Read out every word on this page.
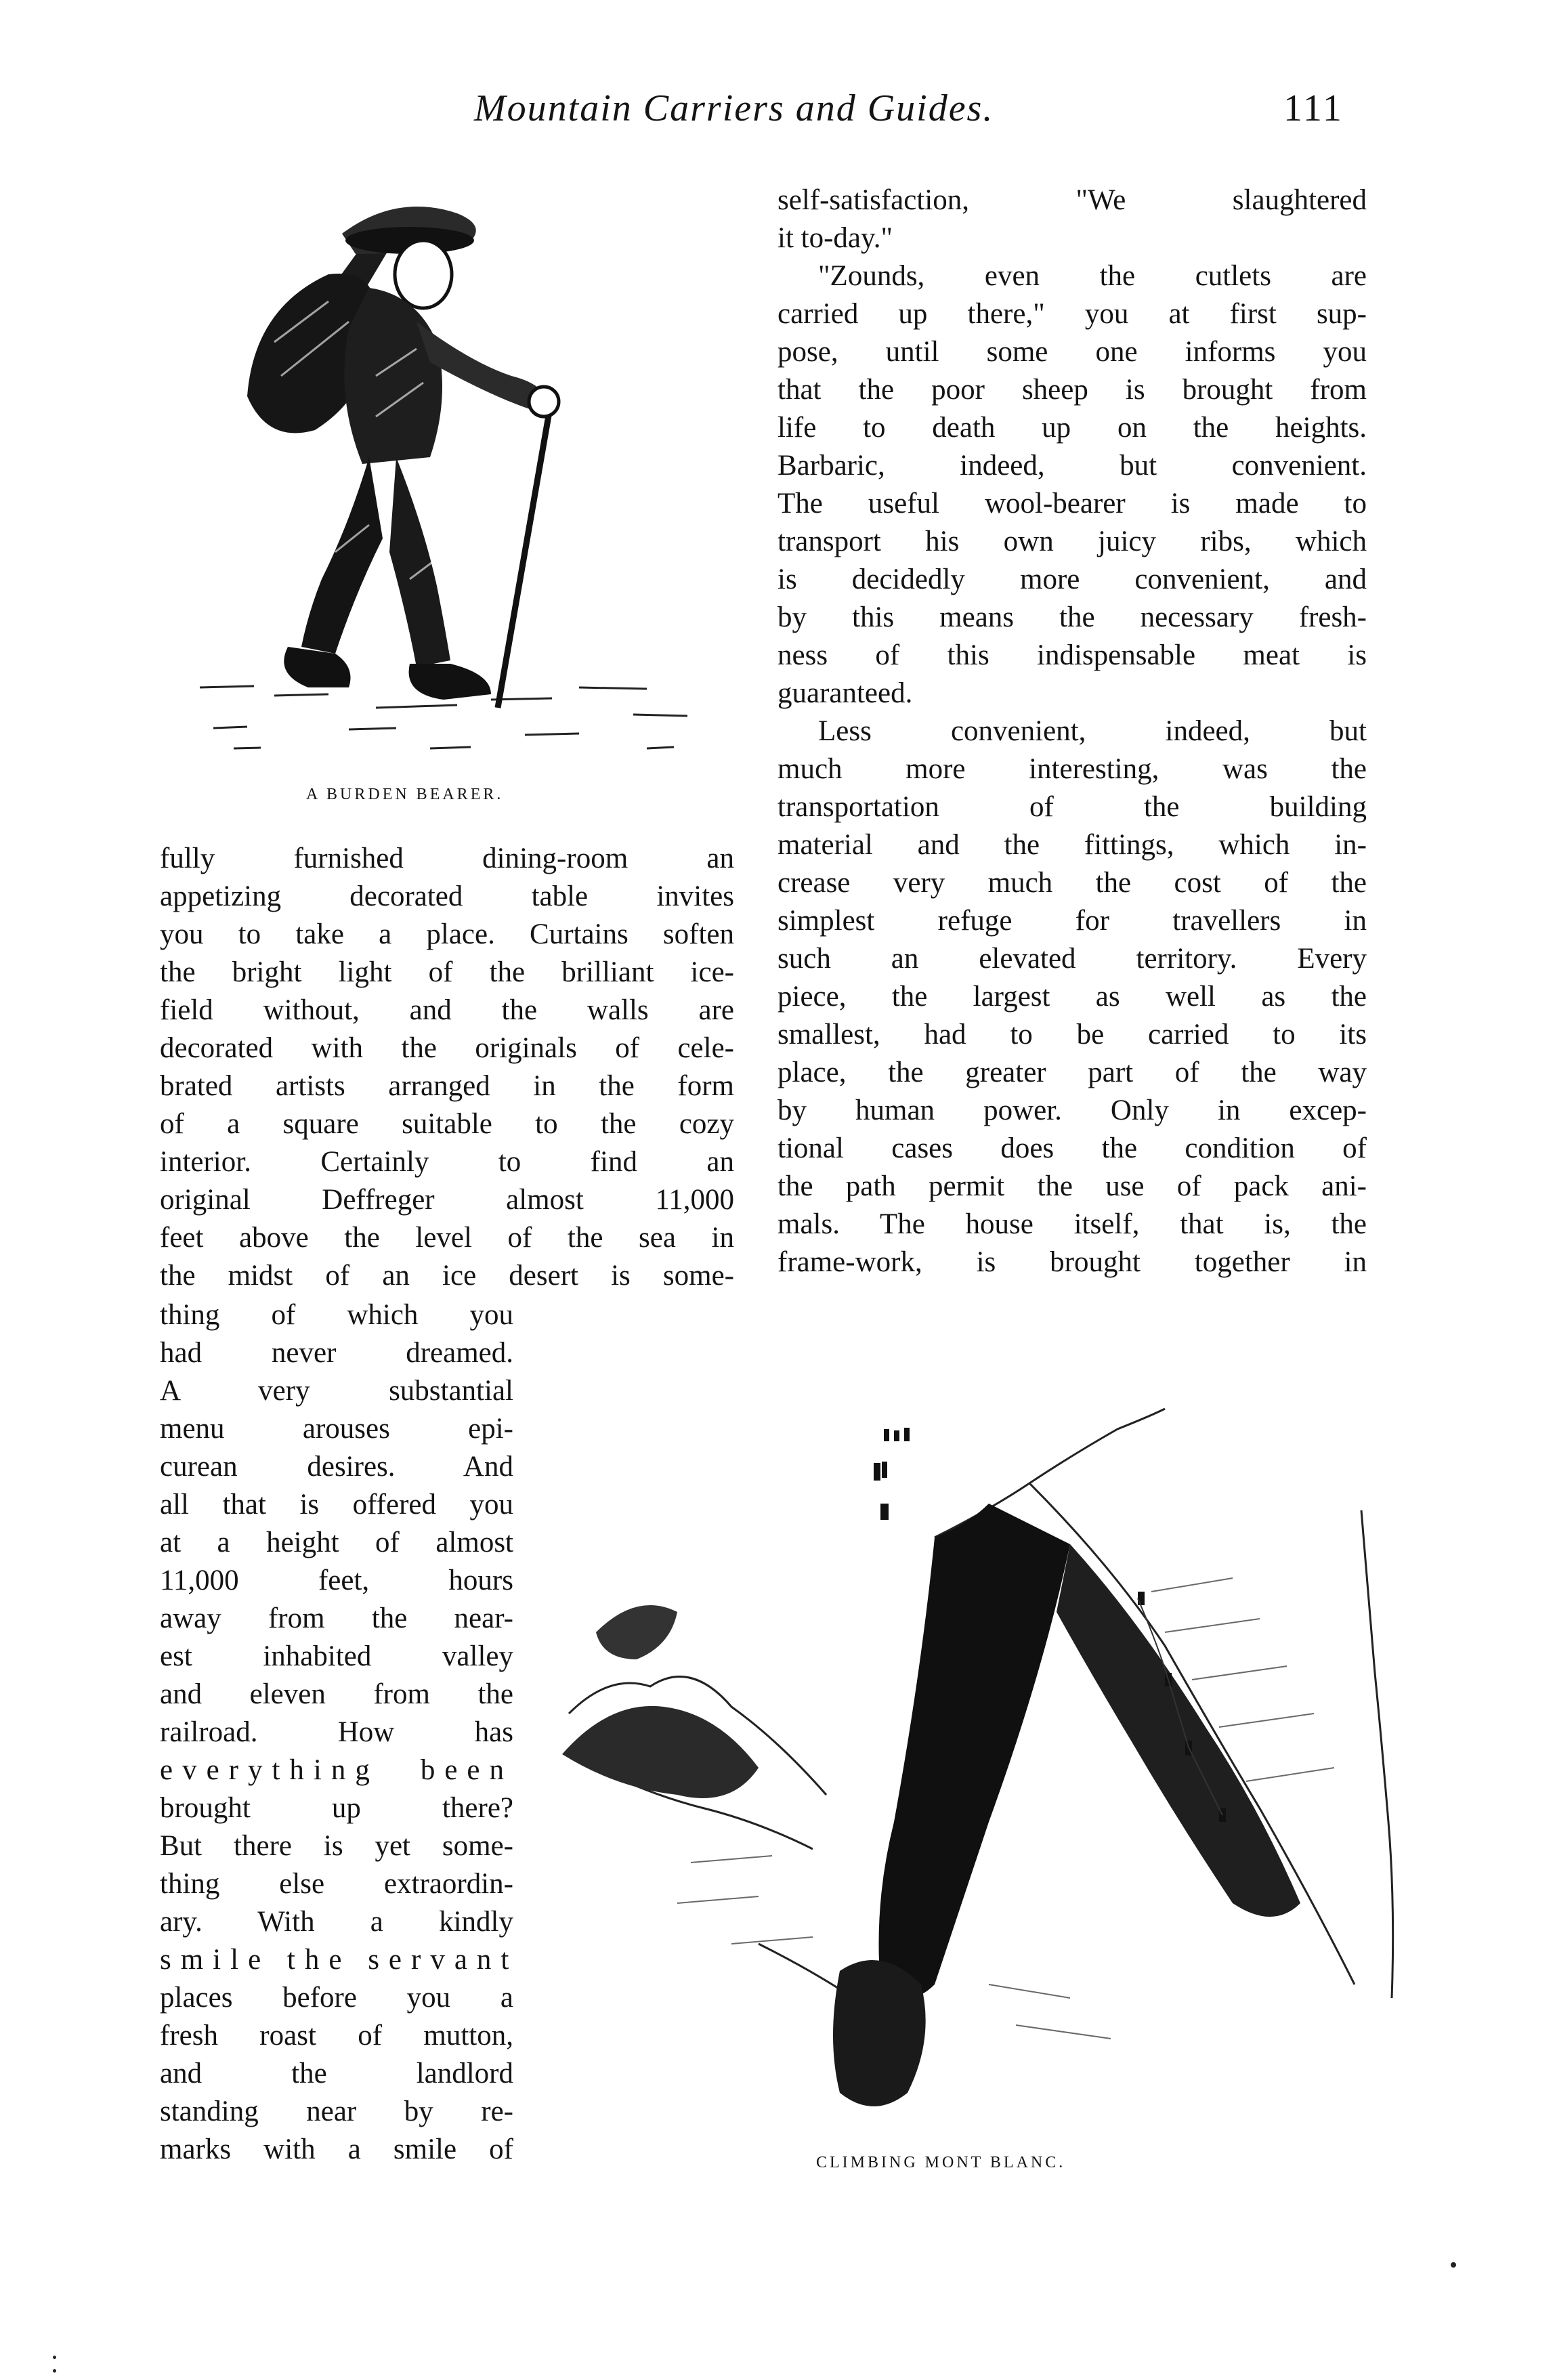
Mountain Carriers and Guides.	111
A BURDEN BEARER.
fully furnished dining-room an
appetizing decorated table invites
you to take a place. Curtains soften
the bright light of the brilliant ice-
field without, and the walls are
decorated with the originals of cele-
brated artists arranged in the form
of a square suitable to the cozy
interior. Certainly to find an
original Deffreger almost 11,000
feet above the level of the sea in
the midst of an ice desert is some-
thing of which you
had never dreamed.
A very substantial
menu arouses epi-
curean desires. And
all that is offered you
at a height of almost
11,000 feet, hours
away from the near-
est inhabited valley
and eleven from the
railroad. How has
everything been
brought up there?
But there is yet some-
thing else extraordin-
ary. With a kindly
smile the servant
places before you a
fresh roast of mutton,
and the landlord
standing near by re-
marks with a smile of
self-satisfaction, "We slaughtered
it to-day."
"Zounds, even the cutlets are
carried up there," you at first sup-
pose, until some one informs you
that the poor sheep is brought from
life to death up on the heights.
Barbaric, indeed, but convenient.
The useful wool-bearer is made to
transport his own juicy ribs, which
is decidedly more convenient, and
by this means the necessary fresh-
ness of this indispensable meat is
guaranteed.
Less convenient, indeed, but
much more interesting, was the
transportation of the building
material and the fittings, which in-
crease very much the cost of the
simplest refuge for travellers in
such an elevated territory. Every
piece, the largest as well as the
smallest, had to be carried to its
place, the greater part of the way
by human power. Only in excep-
tional cases does the condition of
the path permit the use of pack ani-
mals. The house itself, that is, the
frame-work, is brought together in
CLIMBING MONT BLANC.
